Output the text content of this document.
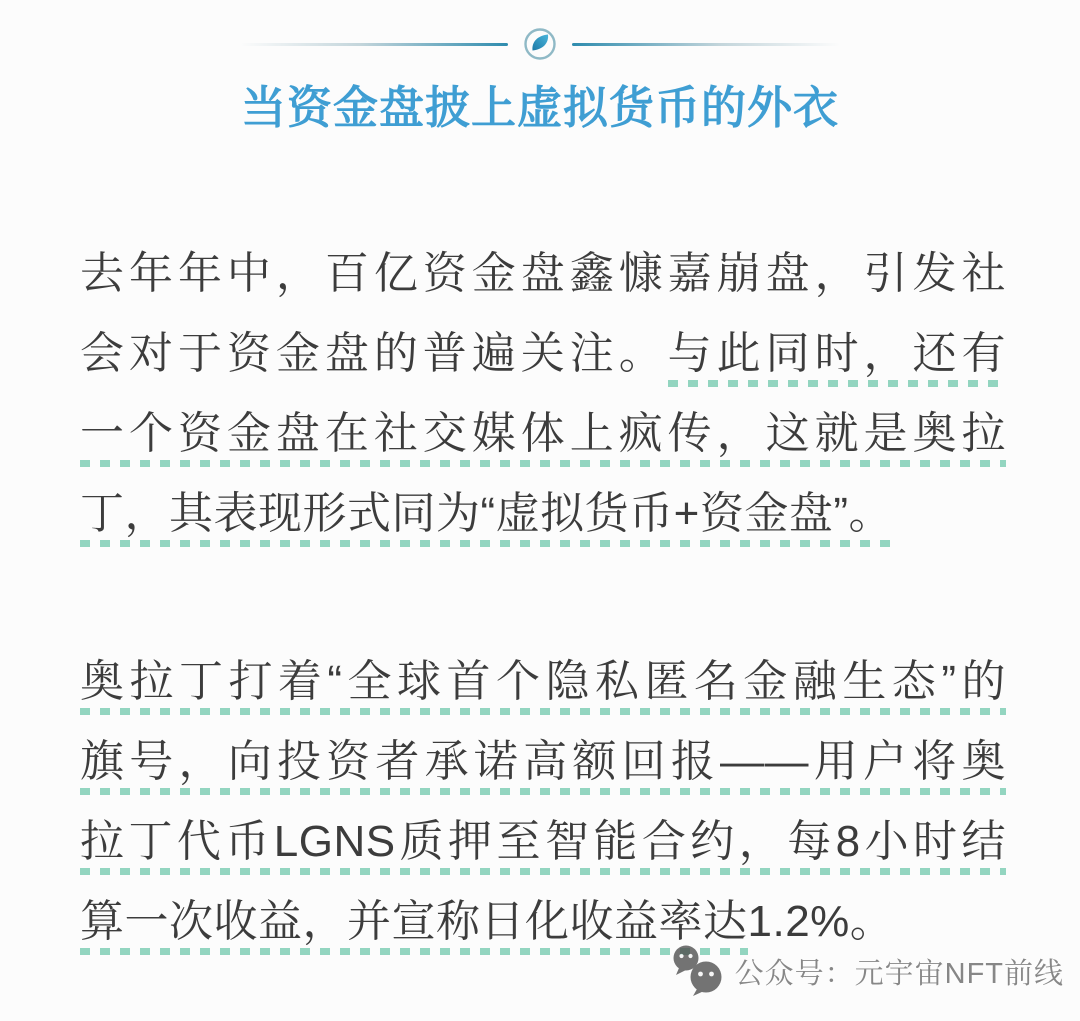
当资金盘披上虚拟货币的外衣
去年年中，百亿资金盘鑫慷嘉崩盘，引发社
会对于资金盘的普遍关注。与此同时，还有
一个资金盘在社交媒体上疯传，这就是奥拉
丁，其表现形式同为“虚拟货币+资金盘”。
奥拉丁打着“全球首个隐私匿名金融生态”的
旗号，向投资者承诺高额回报——用户将奥
拉丁代币LGNS质押至智能合约，每8小时结
算一次收益，并宣称日化收益率达1.2%。
公众号：元宇宙NFT前线
